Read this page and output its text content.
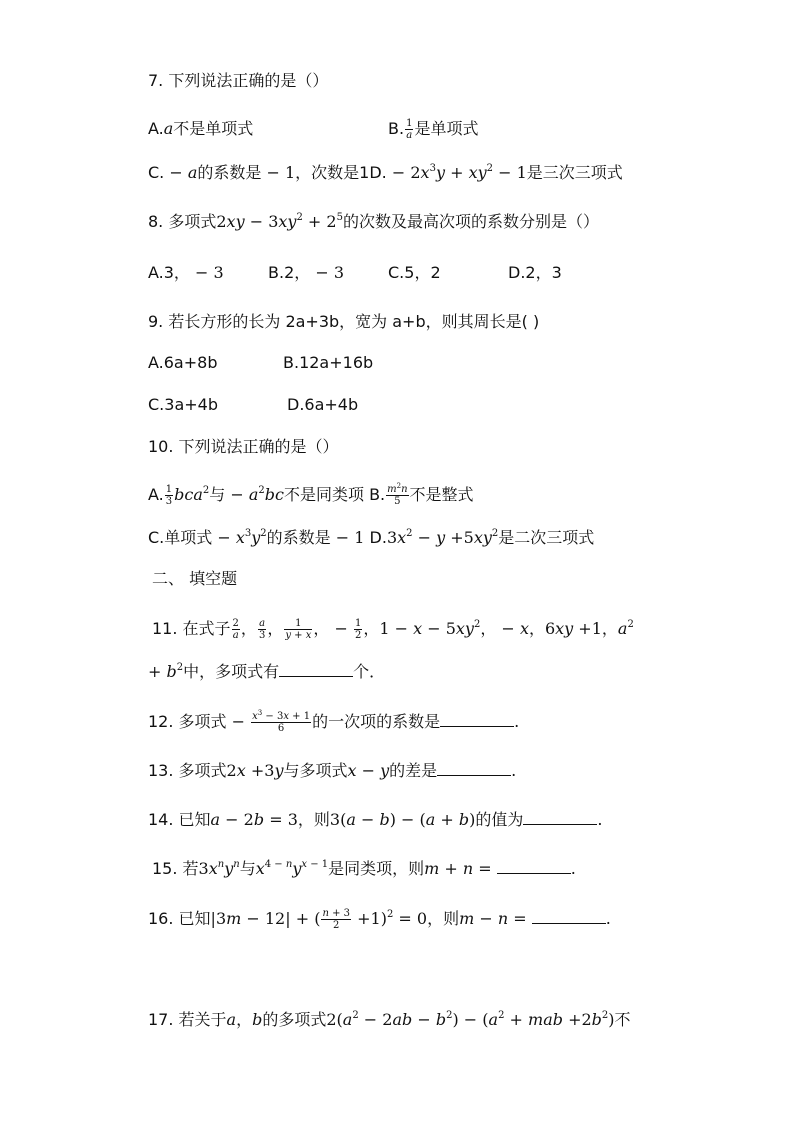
7. 下列说法正确的是（）
A.a不是单项式	B. $\frac{1}{a}$ 是单项式
C. − a的系数是 − 1，次数是1D. − $2x^3y + xy^2 - 1$是三次三项式
8. 多项式$2xy - 3xy^2 + 2^5$的次数及最高次项的系数分别是（）
A.3， − 3	B.2， − 3	C.5，2	D.2，3
9. 若长方形的长为 2a+3b，宽为 a+b，则其周长是( )
A.6a+8b	B.12a+16b
C.3a+4b	D.6a+4b
10. 下列说法正确的是（）
A. $\frac{1}{3} bca^2$与 − $a^2bc$不是同类项 B. $\frac{m^2n}{5}$ 不是整式
C.单项式 − $x^3y^2$的系数是 − 1 $D.3x^2 - y +5xy^2$是二次三项式
二、 填空题
11. 在式子 $\frac{2}{a}$ ， $\frac{a}{3}$ ， $\frac{1}{y + x}$ ， − $\frac{1}{2}$ ，$1 - x - 5xy^2$， − x，6xy +1，$a^2$
+ $b^2$中，多项式有	个．
12. 多项式 − $\frac{x^3 - 3x + 1}{6}$ 的一次项的系数是	.
13. 多项式2x +3y与多项式x − y的差是	.
14. 已知a − 2b = 3，则3(a − b) − (a + b)的值为	.
15. 若$3x^ny^n$与$x^{4 - n}y^{x - 1}$是同类项，则m + n =	.
16. 已知|3m − 12| + ( $\frac{n + 3}{2} +1)^2 = 0$，则m − n =	.
17. 若关于a，b的多项式$2(a^2 - 2ab - b^2) - (a^2$ + mab $+2b^2$)不
